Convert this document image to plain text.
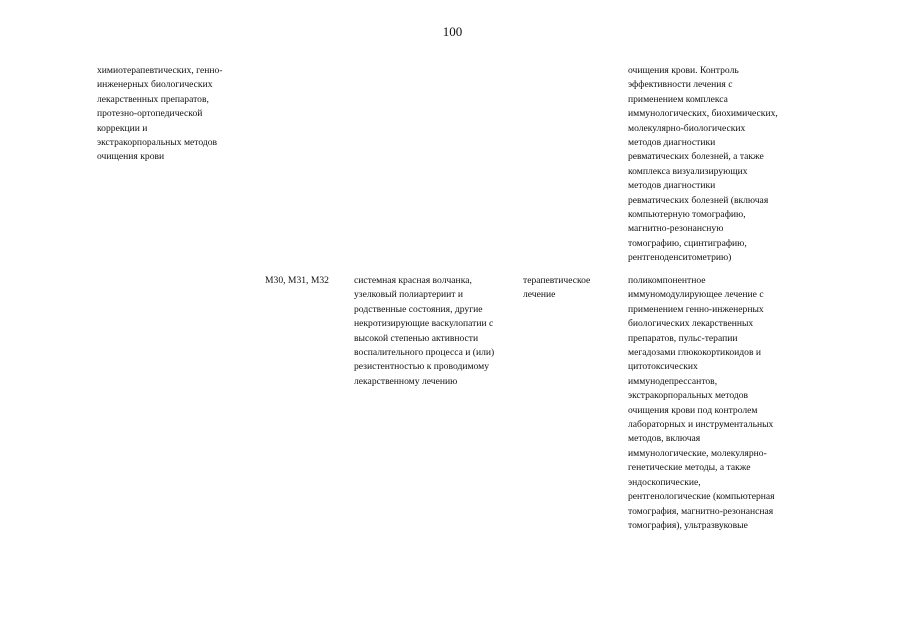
100
химиотерапевтических, генно-
инженерных биологических
лекарственных препаратов,
протезно-ортопедической
коррекции и
экстракорпоральных методов
очищения крови
очищения крови. Контроль
эффективности лечения с
применением комплекса
иммунологических, биохимических,
молекулярно-биологических
методов диагностики
ревматических болезней, а также
комплекса визуализирующих
методов диагностики
ревматических болезней (включая
компьютерную томографию,
магнитно-резонансную
томографию, сцинтиграфию,
рентгеноденситометрию)
M30, M31, M32	системная красная волчанка,
узелковый полиартериит и
родственные состояния, другие
некротизирующие васкулопатии с
высокой степенью активности
воспалительного процесса и (или)
резистентностью к проводимому
лекарственному лечению
терапевтическое
лечение
поликомпонентное
иммуномодулирующее лечение с
применением генно-инженерных
биологических лекарственных
препаратов, пульс-терапии
мегадозами глюкокортикоидов и
цитотоксических
иммунодепрессантов,
экстракорпоральных методов
очищения крови под контролем
лабораторных и инструментальных
методов, включая
иммунологические, молекулярно-
генетические методы, а также
эндоскопические,
рентгенологические (компьютерная
томография, магнитно-резонансная
томография), ультразвуковые
